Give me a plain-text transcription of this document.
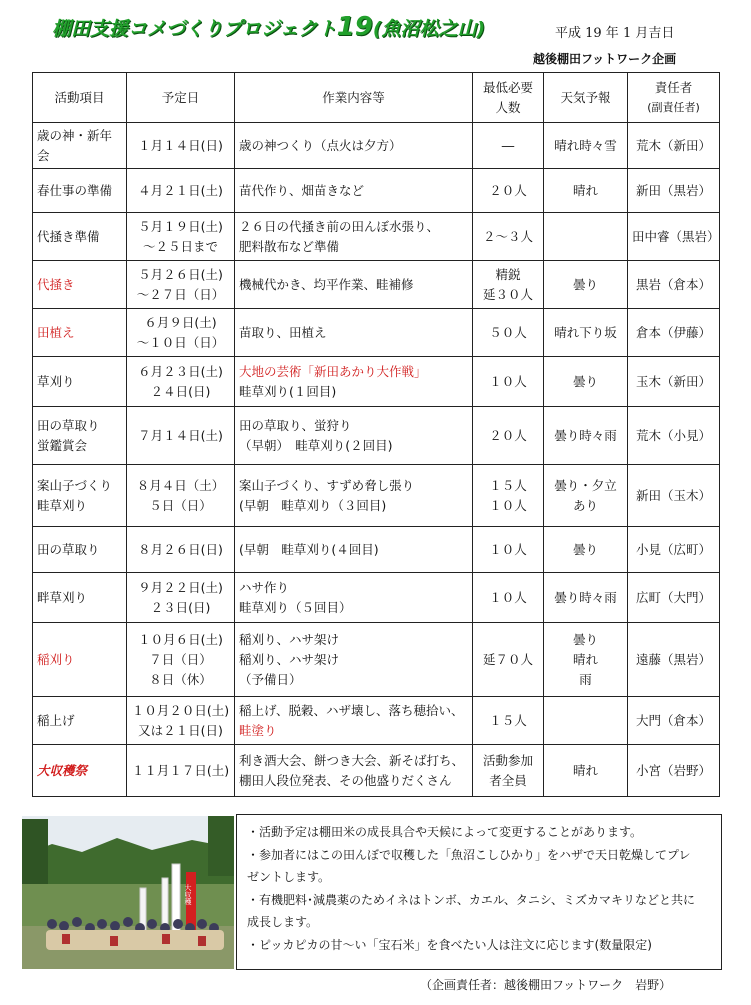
棚田支援コメづくりプロジェクト19(魚沼松之山)	平成 19 年 1 月吉日
越後棚田フットワーク企画
活動項目	予定日	作業内容等	最低必要
人数	天気予報	責任者
(副責任者)

歳の神・新年
会	１月１４日(日)	歳の神つくり（点火は夕方）	―	晴れ時々雪	荒木（新田）

春仕事の準備	４月２１日(土)	苗代作り、畑苗きなど	２０人	晴れ	新田（黒岩）

代掻き準備	５月１９日(土)
～２５日まで	２６日の代掻き前の田んぼ水張り、
肥料散布など準備	２～３人		田中睿（黒岩）

代掻き	５月２６日(土)
～２７日（日）	機械代かき、均平作業、畦補修	精鋭
延３０人	曇り	黒岩（倉本）

田植え	６月９日(土)
～１０日（日）	苗取り、田植え	５０人	晴れ下り坂	倉本（伊藤）

草刈り	６月２３日(土)
２４日(日)	大地の芸術「新田あかり大作戦」
畦草刈り(１回目)	１０人	曇り	玉木（新田）

田の草取り
蛍鑑賞会	７月１４日(土)	田の草取り、蛍狩り
（早朝）　畦草刈り(２回目)	２０人	曇り時々雨	荒木（小見）

案山子づくり
畦草刈り	８月４日（土）
５日（日）	案山子づくり、すずめ脅し張り
(早朝　畦草刈り（３回目)	１５人
１０人	曇り・夕立
あり	新田（玉木）

田の草取り	８月２６日(日)	(早朝　畦草刈り(４回目)	１０人	曇り	小見（広町）

畔草刈り	９月２２日(土)
２３日(日)	ハサ作り
畦草刈り（５回目）	１０人	曇り時々雨	広町（大門）

稲刈り	１０月６日(土)
７日（日）
８日（休）	稲刈り、ハサ架け
稲刈り、ハサ架け
（予備日）	延７０人	曇り
晴れ
雨	遠藤（黒岩）

稲上げ	１０月２０日(土)
又は２１日(日)	稲上げ、脱穀、ハザ壊し、落ち穂拾い、
畦塗り	１５人		大門（倉本）

大収穫祭	１１月１７日(土)	利き酒大会、餅つき大会、新そば打ち、
棚田人段位発表、その他盛りだくさん	活動参加
者全員	晴れ	小宮（岩野）
大収穫
・活動予定は棚田米の成長具合や天候によって変更することがあります。
・参加者にはこの田んぼで収穫した「魚沼こしひかり」をハザで天日乾燥してプレ
ゼントします。
・有機肥料･減農薬のためイネはトンボ、カエル、タニシ、ミズカマキリなどと共に
成長します。
・ピッカピカの甘～い「宝石米」を食べたい人は注文に応じます(数量限定)
（企画責任者：越後棚田フットワーク　岩野）
